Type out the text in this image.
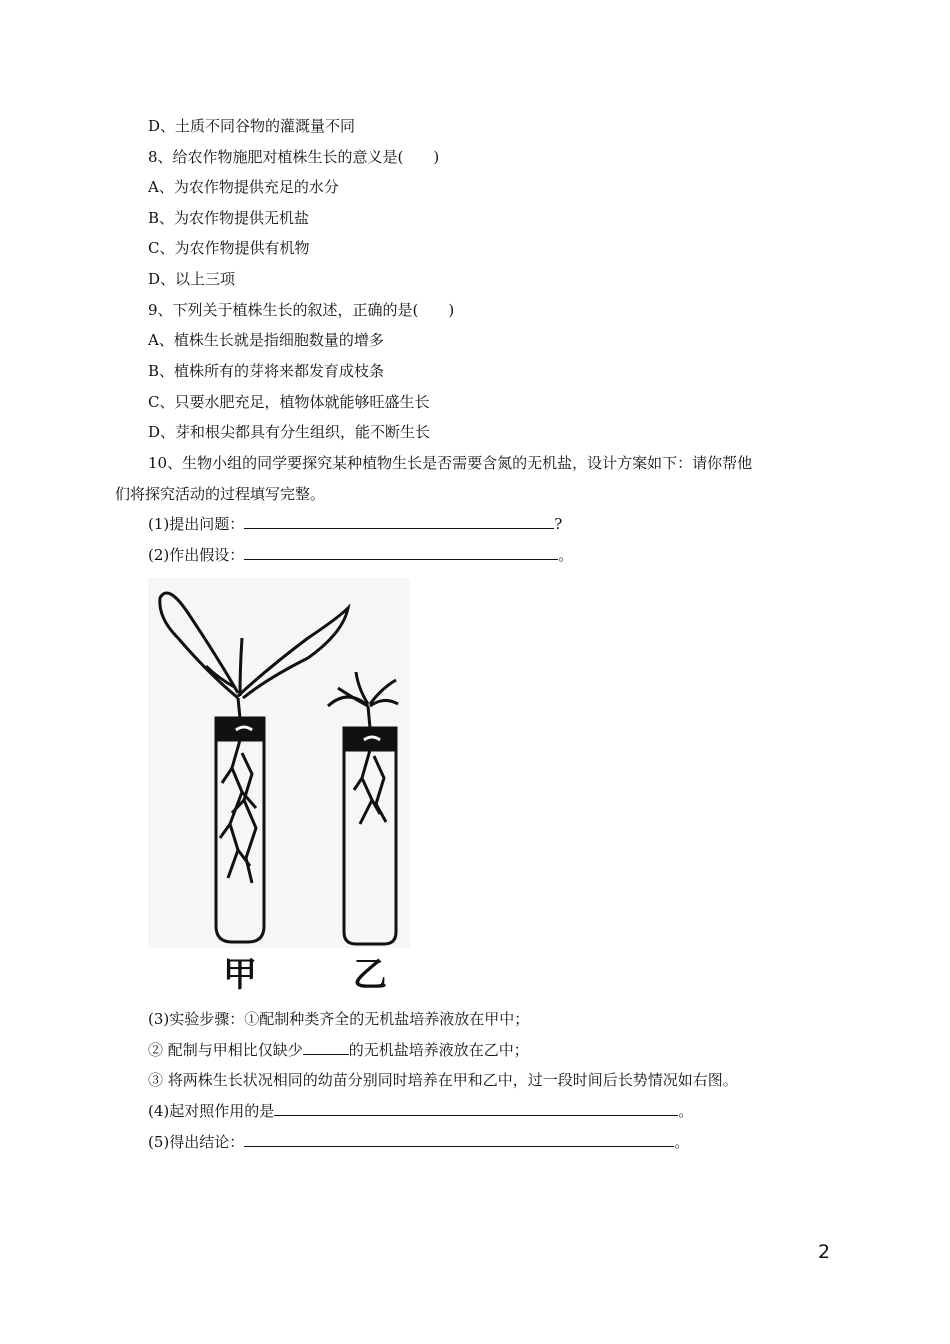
D、土质不同谷物的灌溉量不同
8、给农作物施肥对植株生长的意义是(　　)
A、为农作物提供充足的水分
B、为农作物提供无机盐
C、为农作物提供有机物
D、以上三项
9、下列关于植株生长的叙述，正确的是(　　)
A、植株生长就是指细胞数量的增多
B、植株所有的芽将来都发育成枝条
C、只要水肥充足，植物体就能够旺盛生长
D、芽和根尖都具有分生组织，能不断生长
10、生物小组的同学要探究某种植物生长是否需要含氮的无机盐，设计方案如下：请你帮他
们将探究活动的过程填写完整。
(1)提出问题：	?
(2)作出假设：	。
甲	乙
(3)实验步骤：①配制种类齐全的无机盐培养液放在甲中；
② 配制与甲相比仅缺少	的无机盐培养液放在乙中；
③ 将两株生长状况相同的幼苗分别同时培养在甲和乙中，过一段时间后长势情况如右图。
(4)起对照作用的是	。
(5)得出结论：	。
2
